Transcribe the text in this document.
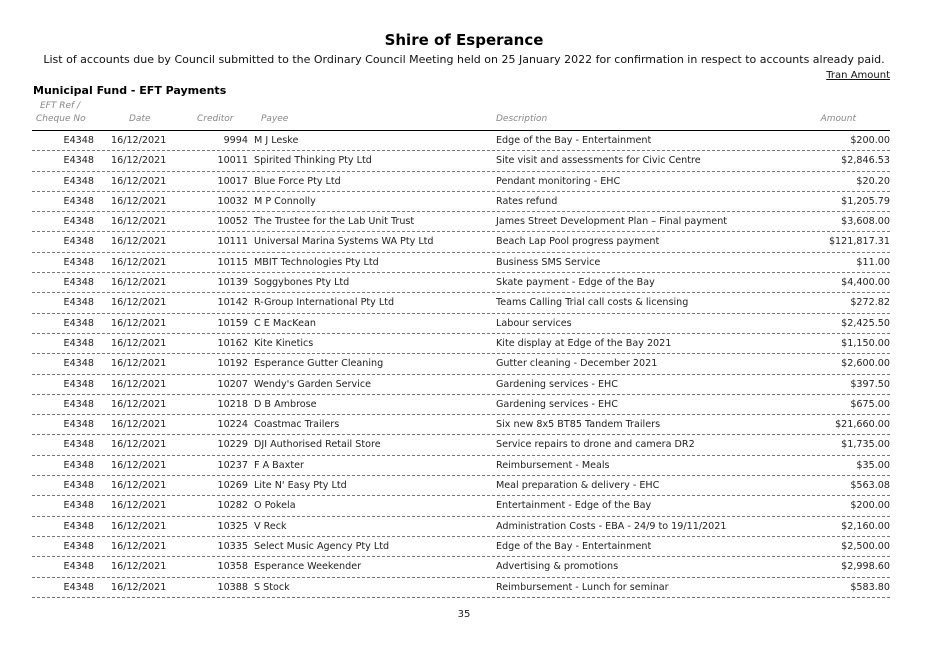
Shire of Esperance
List of accounts due by Council submitted to the Ordinary Council Meeting held on 25 January 2022 for confirmation in respect to accounts already paid.
Tran Amount
Municipal Fund - EFT Payments
EFT Ref /
Cheque No	Date	Creditor	Payee	Description	Amount
E4348 16/12/2021	9994 M J Leske	Edge of the Bay - Entertainment	$200.00
E4348 16/12/2021	10011 Spirited Thinking Pty Ltd	Site visit and assessments for Civic Centre	$2,846.53
E4348 16/12/2021	10017 Blue Force Pty Ltd	Pendant monitoring - EHC	$20.20
E4348 16/12/2021	10032 M P Connolly	Rates refund	$1,205.79
E4348 16/12/2021	10052 The Trustee for the Lab Unit Trust	James Street Development Plan – Final payment	$3,608.00
E4348 16/12/2021	10111 Universal Marina Systems WA Pty Ltd	Beach Lap Pool progress payment	$121,817.31
E4348 16/12/2021	10115 MBIT Technologies Pty Ltd	Business SMS Service	$11.00
E4348 16/12/2021	10139 Soggybones Pty Ltd	Skate payment - Edge of the Bay	$4,400.00
E4348 16/12/2021	10142 R-Group International Pty Ltd	Teams Calling Trial call costs & licensing	$272.82
E4348 16/12/2021	10159 C E MacKean	Labour services	$2,425.50
E4348 16/12/2021	10162 Kite Kinetics	Kite display at Edge of the Bay 2021	$1,150.00
E4348 16/12/2021	10192 Esperance Gutter Cleaning	Gutter cleaning - December 2021	$2,600.00
E4348 16/12/2021	10207 Wendy's Garden Service	Gardening services - EHC	$397.50
E4348 16/12/2021	10218 D B Ambrose	Gardening services - EHC	$675.00
E4348 16/12/2021	10224 Coastmac Trailers	Six new 8x5 BT85 Tandem Trailers	$21,660.00
E4348 16/12/2021	10229 DJI Authorised Retail Store	Service repairs to drone and camera DR2	$1,735.00
E4348 16/12/2021	10237 F A Baxter	Reimbursement - Meals	$35.00
E4348 16/12/2021	10269 Lite N' Easy Pty Ltd	Meal preparation & delivery - EHC	$563.08
E4348 16/12/2021	10282 O Pokela	Entertainment - Edge of the Bay	$200.00
E4348 16/12/2021	10325 V Reck	Administration Costs - EBA - 24/9 to 19/11/2021	$2,160.00
E4348 16/12/2021	10335 Select Music Agency Pty Ltd	Edge of the Bay - Entertainment	$2,500.00
E4348 16/12/2021	10358 Esperance Weekender	Advertising & promotions	$2,998.60
E4348 16/12/2021	10388 S Stock	Reimbursement - Lunch for seminar	$583.80
35
